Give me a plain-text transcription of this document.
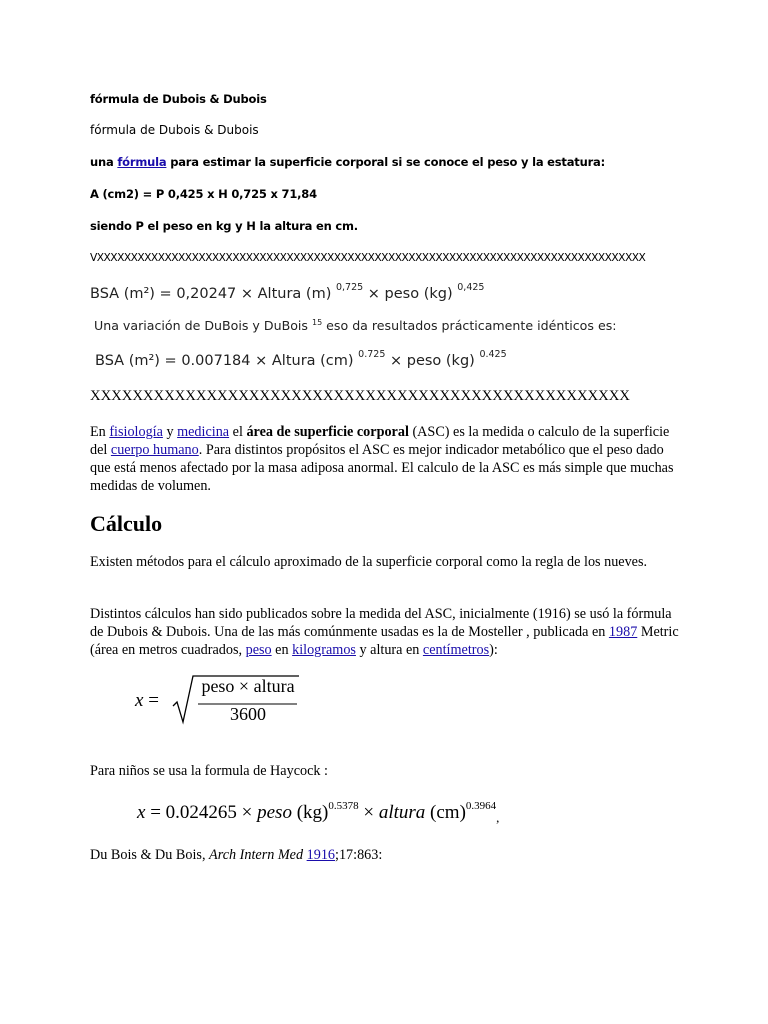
fórmula de Dubois & Dubois
fórmula de Dubois & Dubois
una fórmula para estimar la superficie corporal si se conoce el peso y la estatura:
A (cm2) = P 0,425 x H 0,725 x 71,84
siendo P el peso en kg y H la altura en cm.
VXXXXXXXXXXXXXXXXXXXXXXXXXXXXXXXXXXXXXXXXXXXXXXXXXXXXXXXXXXXXXXXXXXXXXXXXXXXXXXXXX
BSA (m²) = 0,20247 × Altura (m) $^{0,725}$ × peso (kg) $^{0,425}$
Una variación de DuBois y DuBois $^{15}$ eso da resultados prácticamente idénticos es:
BSA (m²) = 0.007184 × Altura (cm) $^{0.725}$ × peso (kg) $^{0.425}$
XXXXXXXXXXXXXXXXXXXXXXXXXXXXXXXXXXXXXXXXXXXXXXXXXXX
En fisiología y medicina el área de superficie corporal (ASC) es la medida o calculo de la superficie del cuerpo humano. Para distintos propósitos el ASC es mejor indicador metabólico que el peso dado que está menos afectado por la masa adiposa anormal. El calculo de la ASC es más simple que muchas medidas de volumen.
Cálculo
Existen métodos para el cálculo aproximado de la superficie corporal como la regla de los nueves.
Distintos cálculos han sido publicados sobre la medida del ASC, inicialmente (1916) se usó la fórmula de Dubois & Dubois. Una de las más comúnmente usadas es la de Mosteller , publicada en 1987 Metric (área en metros cuadrados, peso en kilogramos y altura en centímetros):
x =
peso × altura
3600
Para niños se usa la formula de Haycock :
x = 0.024265 × peso (kg)$^{0.5378}$ × altura (cm)$^{0.3964}_,$
Du Bois & Du Bois, Arch Intern Med 1916;17:863:
